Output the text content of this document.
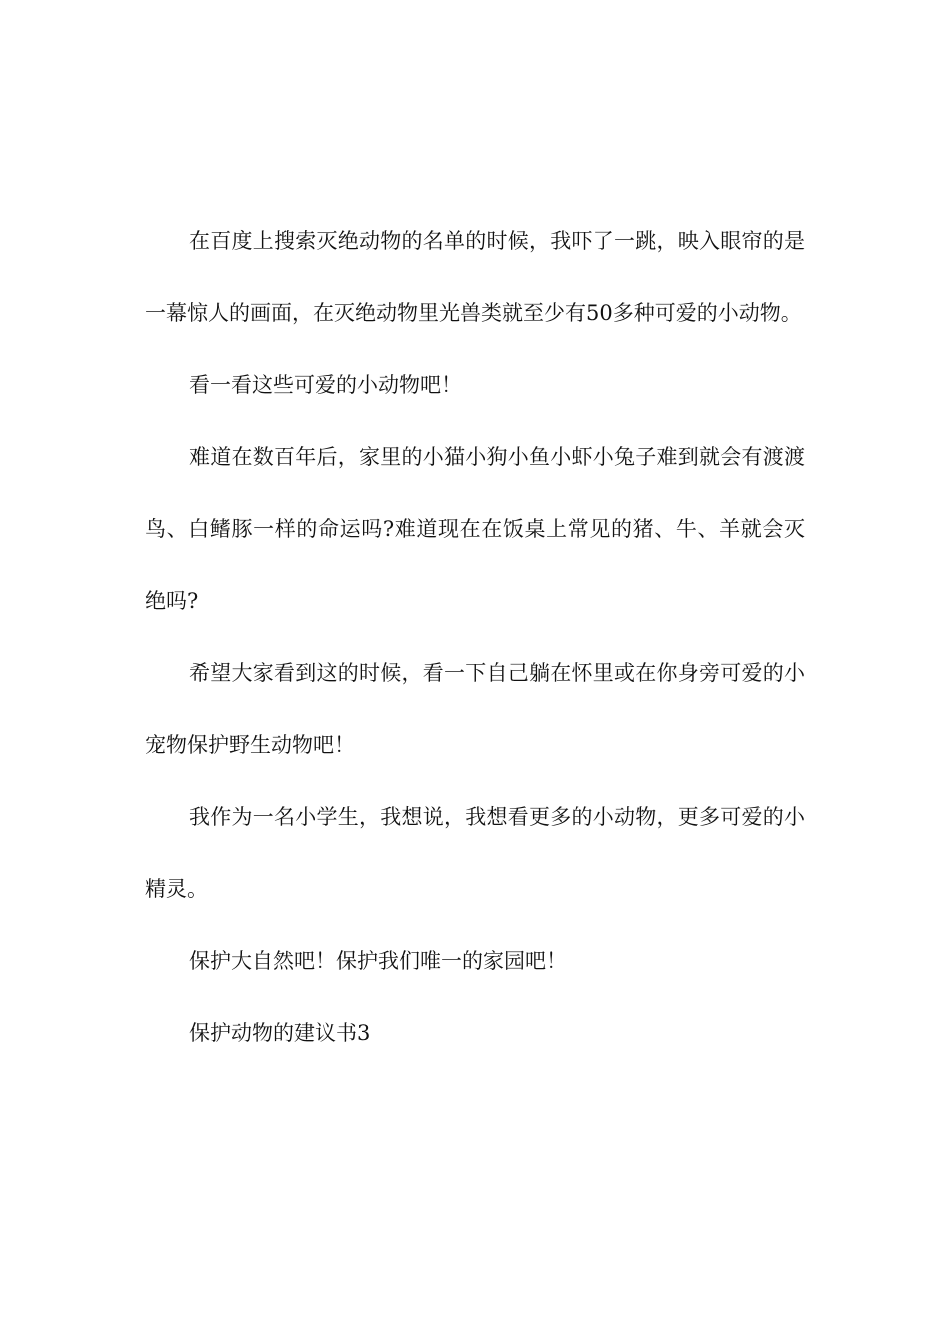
在百度上搜索灭绝动物的名单的时候，我吓了一跳，映入眼帘的是一幕惊人的画面，在灭绝动物里光兽类就至少有50多种可爱的小动物。

看一看这些可爱的小动物吧！

难道在数百年后，家里的小猫小狗小鱼小虾小兔子难到就会有渡渡鸟、白鳍豚一样的命运吗?难道现在在饭桌上常见的猪、牛、羊就会灭绝吗?

希望大家看到这的时候，看一下自己躺在怀里或在你身旁可爱的小宠物保护野生动物吧！

我作为一名小学生，我想说，我想看更多的小动物，更多可爱的小精灵。

保护大自然吧！保护我们唯一的家园吧！

保护动物的建议书3
